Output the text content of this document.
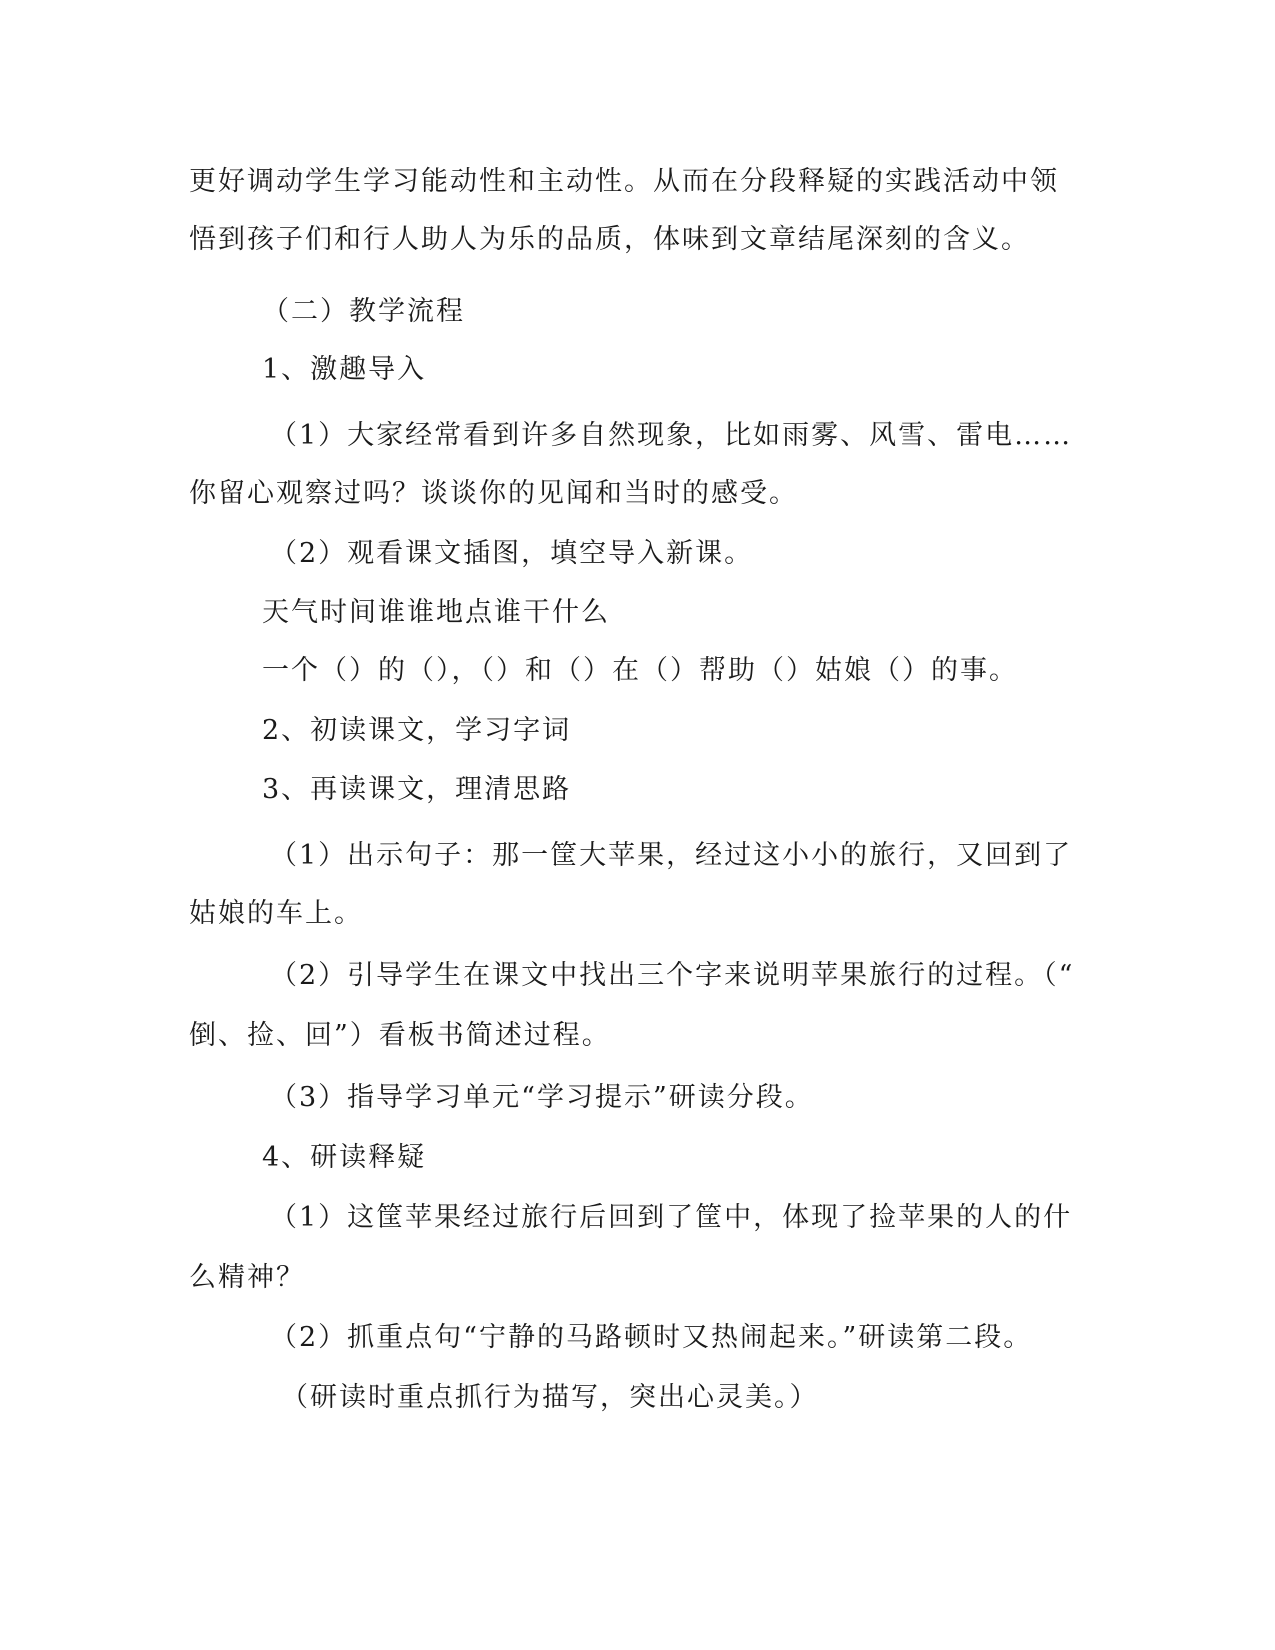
更好调动学生学习能动性和主动性。从而在分段释疑的实践活动中领
悟到孩子们和行人助人为乐的品质，体味到文章结尾深刻的含义。
（二）教学流程
1、激趣导入
（1）大家经常看到许多自然现象，比如雨雾、风雪、雷电……
你留心观察过吗？谈谈你的见闻和当时的感受。
（2）观看课文插图，填空导入新课。
天气时间谁谁地点谁干什么
一个（）的（），（）和（）在（）帮助（）姑娘（）的事。
2、初读课文，学习字词
3、再读课文，理清思路
（1）出示句子：那一筐大苹果，经过这小小的旅行，又回到了
姑娘的车上。
（2）引导学生在课文中找出三个字来说明苹果旅行的过程。（“
倒、捡、回”）看板书简述过程。
（3）指导学习单元“学习提示”研读分段。
4、研读释疑
（1）这筐苹果经过旅行后回到了筐中，体现了捡苹果的人的什
么精神？
（2）抓重点句“宁静的马路顿时又热闹起来。”研读第二段。
（研读时重点抓行为描写，突出心灵美。）
